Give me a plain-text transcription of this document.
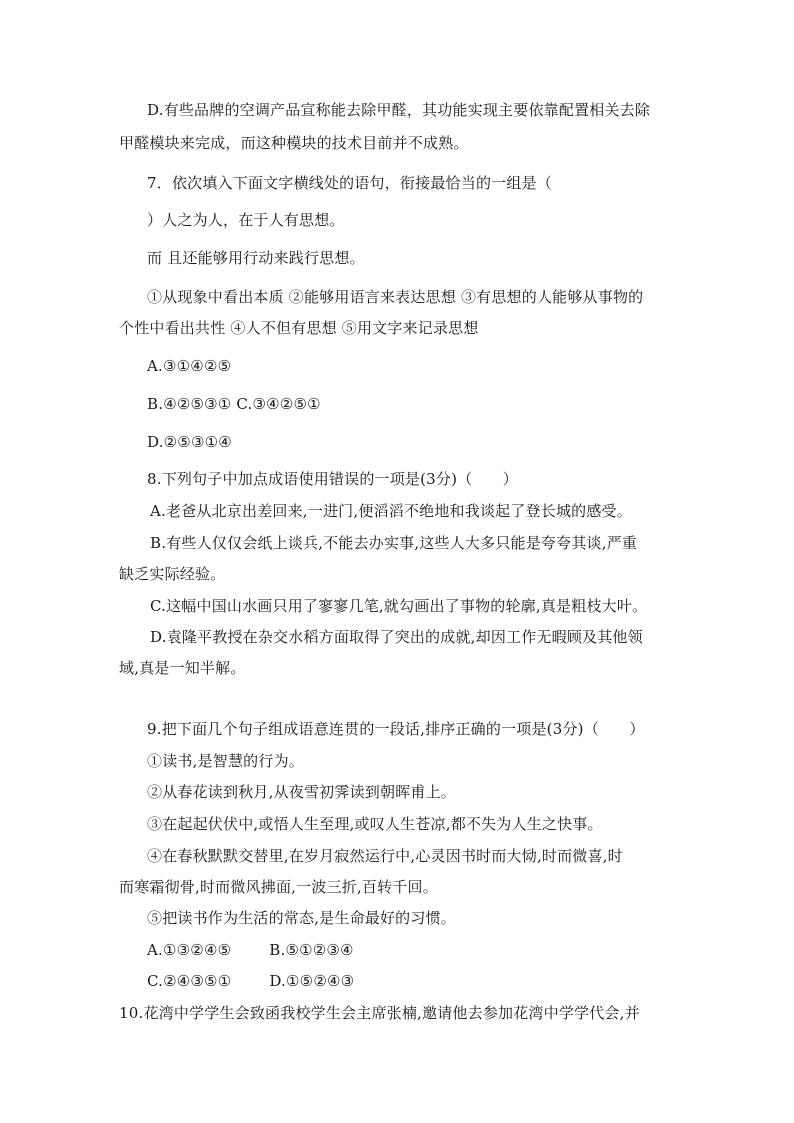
D.有些品牌的空调产品宣称能去除甲醛，其功能实现主要依靠配置相关去除
甲醛模块来完成，而这种模块的技术目前并不成熟。
7．依次填入下面文字横线处的语句，衔接最恰当的一组是（
）人之为人，在于人有思想。
而 且还能够用行动来践行思想。
①从现象中看出本质 ②能够用语言来表达思想 ③有思想的人能够从事物的
个性中看出共性 ④人不但有思想 ⑤用文字来记录思想
A.③①④②⑤
B.④②⑤③① C.③④②⑤①
D.②⑤③①④
8.下列句子中加点成语使用错误的一项是(3分)（　　）
A.老爸从北京出差回来,一进门,便滔滔不绝地和我谈起了登长城的感受。
B.有些人仅仅会纸上谈兵,不能去办实事,这些人大多只能是夸夸其谈,严重
缺乏实际经验。
C.这幅中国山水画只用了寥寥几笔,就勾画出了事物的轮廓,真是粗枝大叶。
D.袁隆平教授在杂交水稻方面取得了突出的成就,却因工作无暇顾及其他领
域,真是一知半解。
9.把下面几个句子组成语意连贯的一段话,排序正确的一项是(3分)（　　）
①读书,是智慧的行为。
②从春花读到秋月,从夜雪初霁读到朝晖甫上。
③在起起伏伏中,或悟人生至理,或叹人生苍凉,都不失为人生之快事。
④在春秋默默交替里,在岁月寂然运行中,心灵因书时而大恸,时而微喜,时
而寒霜彻骨,时而微风拂面,一波三折,百转千回。
⑤把读书作为生活的常态,是生命最好的习惯。
A.①③②④⑤	B.⑤①②③④
C.②④③⑤①	D.①⑤②④③
10.花湾中学学生会致函我校学生会主席张楠,邀请他去参加花湾中学学代会,并
